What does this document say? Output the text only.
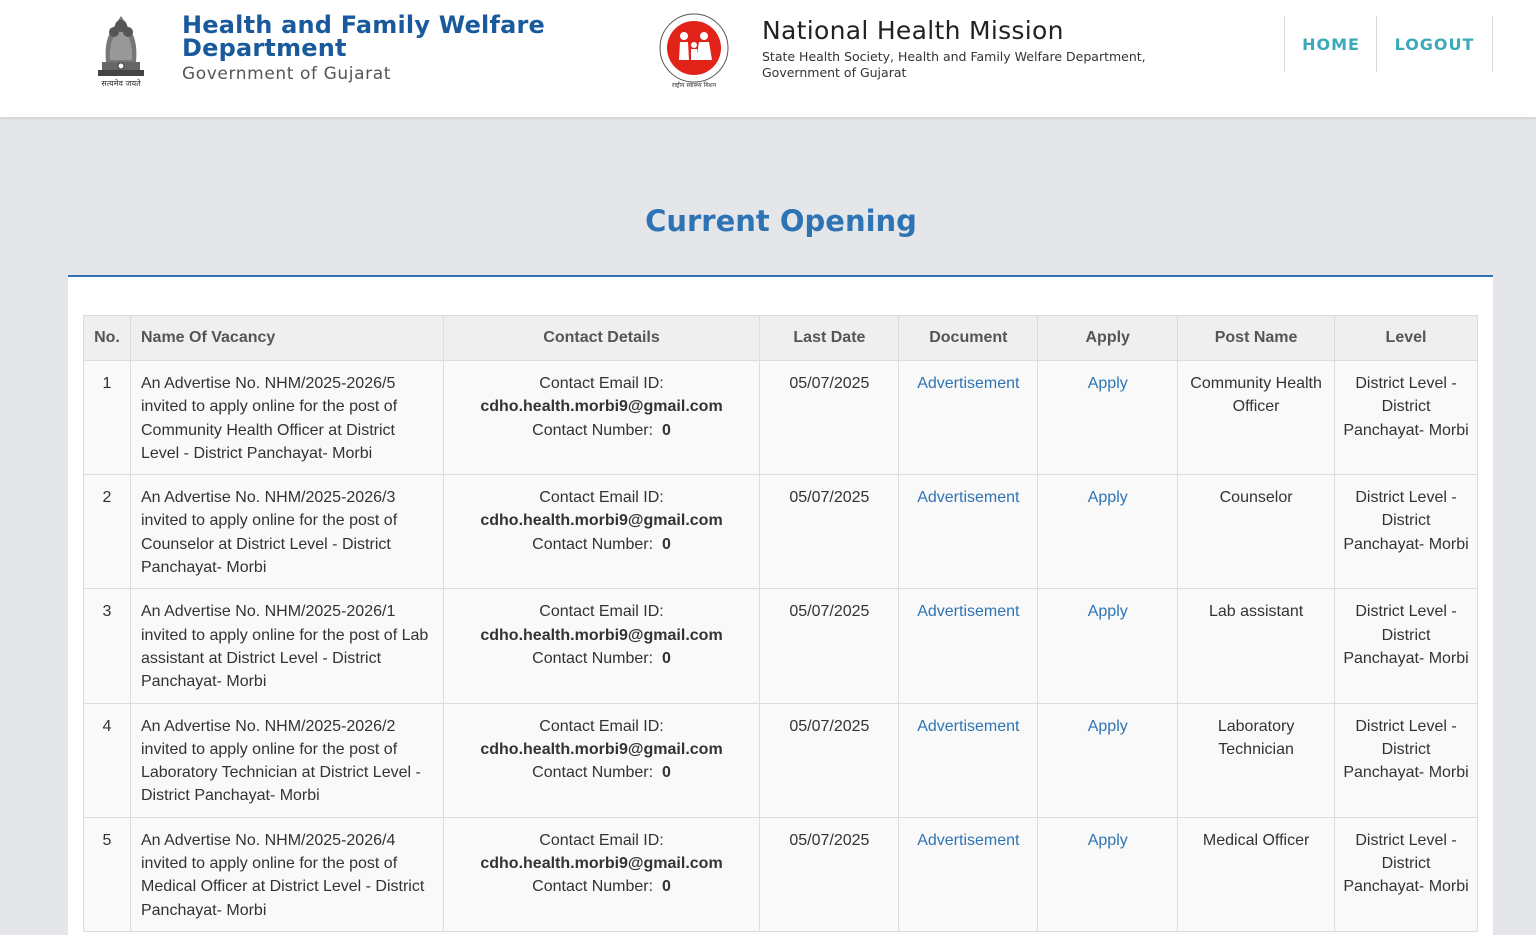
सत्यमेव जयते
Health and Family Welfare Department
Government of Gujarat
राष्ट्रीय स्वास्थ्य मिशन
National Health Mission
State Health Society, Health and Family Welfare Department, Government of Gujarat
HOME	LOGOUT
Current Opening
No.	Name Of Vacancy	Contact Details	Last Date	Document	Apply	Post Name	Level
1	An Advertise No. NHM/2025-2026/5 invited to apply online for the post of Community Health Officer at District Level - District Panchayat- Morbi	Contact Email ID:
cdho.health.morbi9@gmail.com
Contact Number: 0	05/07/2025	Advertisement	Apply	Community Health Officer	District Level - District Panchayat- Morbi
2	An Advertise No. NHM/2025-2026/3 invited to apply online for the post of Counselor at District Level - District Panchayat- Morbi	Contact Email ID:
cdho.health.morbi9@gmail.com
Contact Number: 0	05/07/2025	Advertisement	Apply	Counselor	District Level - District Panchayat- Morbi
3	An Advertise No. NHM/2025-2026/1 invited to apply online for the post of Lab assistant at District Level - District Panchayat- Morbi	Contact Email ID:
cdho.health.morbi9@gmail.com
Contact Number: 0	05/07/2025	Advertisement	Apply	Lab assistant	District Level - District Panchayat- Morbi
4	An Advertise No. NHM/2025-2026/2 invited to apply online for the post of Laboratory Technician at District Level - District Panchayat- Morbi	Contact Email ID:
cdho.health.morbi9@gmail.com
Contact Number: 0	05/07/2025	Advertisement	Apply	Laboratory Technician	District Level - District Panchayat- Morbi
5	An Advertise No. NHM/2025-2026/4 invited to apply online for the post of Medical Officer at District Level - District Panchayat- Morbi	Contact Email ID:
cdho.health.morbi9@gmail.com
Contact Number: 0	05/07/2025	Advertisement	Apply	Medical Officer	District Level - District Panchayat- Morbi
